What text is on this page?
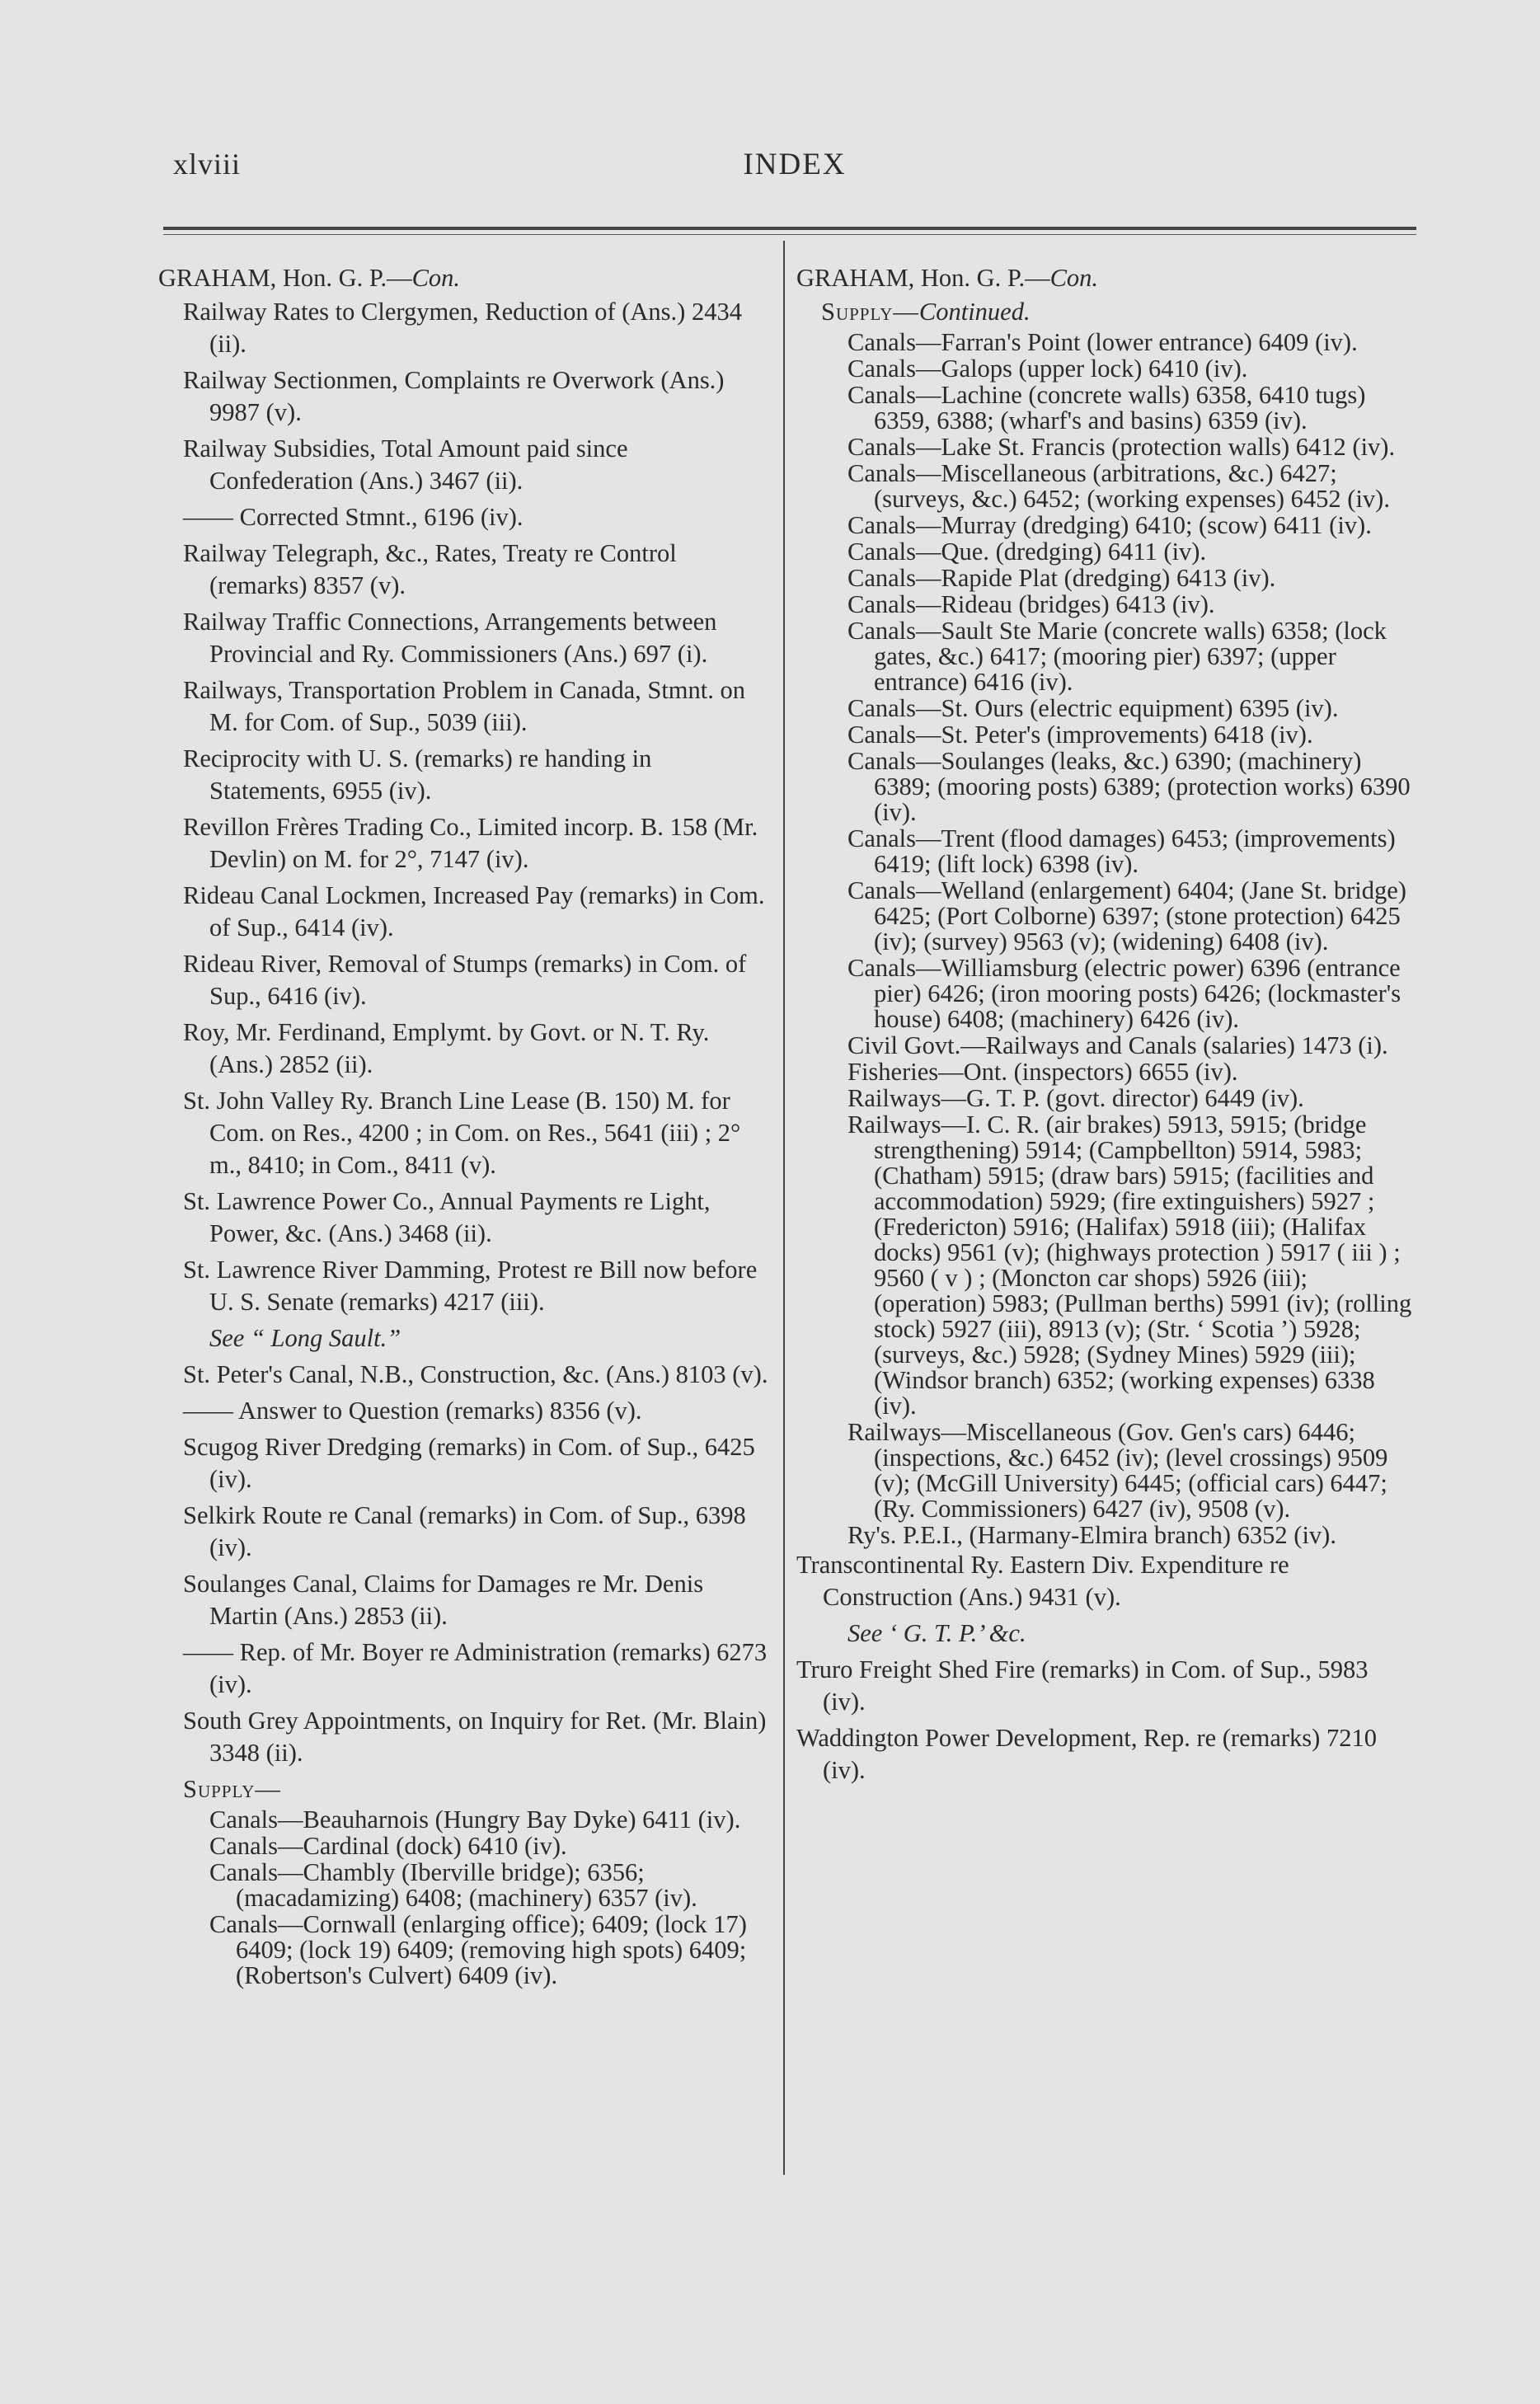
xlviii	INDEX
GRAHAM, Hon. G. P.—Con.
Railway Rates to Clergymen, Reduction of (Ans.) 2434 (ii).
Railway Sectionmen, Complaints re Overwork (Ans.) 9987 (v).
Railway Subsidies, Total Amount paid since Confederation (Ans.) 3467 (ii).
—— Corrected Stmnt., 6196 (iv).
Railway Telegraph, &c., Rates, Treaty re Control (remarks) 8357 (v).
Railway Traffic Connections, Arrangements between Provincial and Ry. Commissioners (Ans.) 697 (i).
Railways, Transportation Problem in Canada, Stmnt. on M. for Com. of Sup., 5039 (iii).
Reciprocity with U. S. (remarks) re handing in Statements, 6955 (iv).
Revillon Frères Trading Co., Limited incorp. B. 158 (Mr. Devlin) on M. for 2°, 7147 (iv).
Rideau Canal Lockmen, Increased Pay (remarks) in Com. of Sup., 6414 (iv).
Rideau River, Removal of Stumps (remarks) in Com. of Sup., 6416 (iv).
Roy, Mr. Ferdinand, Emplymt. by Govt. or N. T. Ry. (Ans.) 2852 (ii).
St. John Valley Ry. Branch Line Lease (B. 150) M. for Com. on Res., 4200 ; in Com. on Res., 5641 (iii) ; 2° m., 8410; in Com., 8411 (v).
St. Lawrence Power Co., Annual Payments re Light, Power, &c. (Ans.) 3468 (ii).
St. Lawrence River Damming, Protest re Bill now before U. S. Senate (remarks) 4217 (iii).
See “ Long Sault.”
St. Peter's Canal, N.B., Construction, &c. (Ans.) 8103 (v).
—— Answer to Question (remarks) 8356 (v).
Scugog River Dredging (remarks) in Com. of Sup., 6425 (iv).
Selkirk Route re Canal (remarks) in Com. of Sup., 6398 (iv).
Soulanges Canal, Claims for Damages re Mr. Denis Martin (Ans.) 2853 (ii).
—— Rep. of Mr. Boyer re Administration (remarks) 6273 (iv).
South Grey Appointments, on Inquiry for Ret. (Mr. Blain) 3348 (ii).
Supply—
Canals—Beauharnois (Hungry Bay Dyke) 6411 (iv).
Canals—Cardinal (dock) 6410 (iv).
Canals—Chambly (Iberville bridge); 6356; (macadamizing) 6408; (machinery) 6357 (iv).
Canals—Cornwall (enlarging office); 6409; (lock 17) 6409; (lock 19) 6409; (removing high spots) 6409; (Robertson's Culvert) 6409 (iv).
GRAHAM, Hon. G. P.—Con.
Supply—Continued.
Canals—Farran's Point (lower entrance) 6409 (iv).
Canals—Galops (upper lock) 6410 (iv).
Canals—Lachine (concrete walls) 6358, 6410 tugs) 6359, 6388; (wharf's and basins) 6359 (iv).
Canals—Lake St. Francis (protection walls) 6412 (iv).
Canals—Miscellaneous (arbitrations, &c.) 6427; (surveys, &c.) 6452; (working expenses) 6452 (iv).
Canals—Murray (dredging) 6410; (scow) 6411 (iv).
Canals—Que. (dredging) 6411 (iv).
Canals—Rapide Plat (dredging) 6413 (iv).
Canals—Rideau (bridges) 6413 (iv).
Canals—Sault Ste Marie (concrete walls) 6358; (lock gates, &c.) 6417; (mooring pier) 6397; (upper entrance) 6416 (iv).
Canals—St. Ours (electric equipment) 6395 (iv).
Canals—St. Peter's (improvements) 6418 (iv).
Canals—Soulanges (leaks, &c.) 6390; (machinery) 6389; (mooring posts) 6389; (protection works) 6390 (iv).
Canals—Trent (flood damages) 6453; (improvements) 6419; (lift lock) 6398 (iv).
Canals—Welland (enlargement) 6404; (Jane St. bridge) 6425; (Port Colborne) 6397; (stone protection) 6425 (iv); (survey) 9563 (v); (widening) 6408 (iv).
Canals—Williamsburg (electric power) 6396 (entrance pier) 6426; (iron mooring posts) 6426; (lockmaster's house) 6408; (machinery) 6426 (iv).
Civil Govt.—Railways and Canals (salaries) 1473 (i).
Fisheries—Ont. (inspectors) 6655 (iv).
Railways—G. T. P. (govt. director) 6449 (iv).
Railways—I. C. R. (air brakes) 5913, 5915; (bridge strengthening) 5914; (Campbellton) 5914, 5983; (Chatham) 5915; (draw bars) 5915; (facilities and accommodation) 5929; (fire extinguishers) 5927 ; (Fredericton) 5916; (Halifax) 5918 (iii); (Halifax docks) 9561 (v); (highways protection ) 5917 ( iii ) ; 9560 ( v ) ; (Moncton car shops) 5926 (iii); (operation) 5983; (Pullman berths) 5991 (iv); (rolling stock) 5927 (iii), 8913 (v); (Str. ‘ Scotia ’) 5928; (surveys, &c.) 5928; (Sydney Mines) 5929 (iii); (Windsor branch) 6352; (working expenses) 6338 (iv).
Railways—Miscellaneous (Gov. Gen's cars) 6446; (inspections, &c.) 6452 (iv); (level crossings) 9509 (v); (McGill University) 6445; (official cars) 6447; (Ry. Commissioners) 6427 (iv), 9508 (v).
Ry's. P.E.I., (Harmany-Elmira branch) 6352 (iv).
Transcontinental Ry. Eastern Div. Expenditure re Construction (Ans.) 9431 (v).
See ‘ G. T. P.’ &c.
Truro Freight Shed Fire (remarks) in Com. of Sup., 5983 (iv).
Waddington Power Development, Rep. re (remarks) 7210 (iv).
